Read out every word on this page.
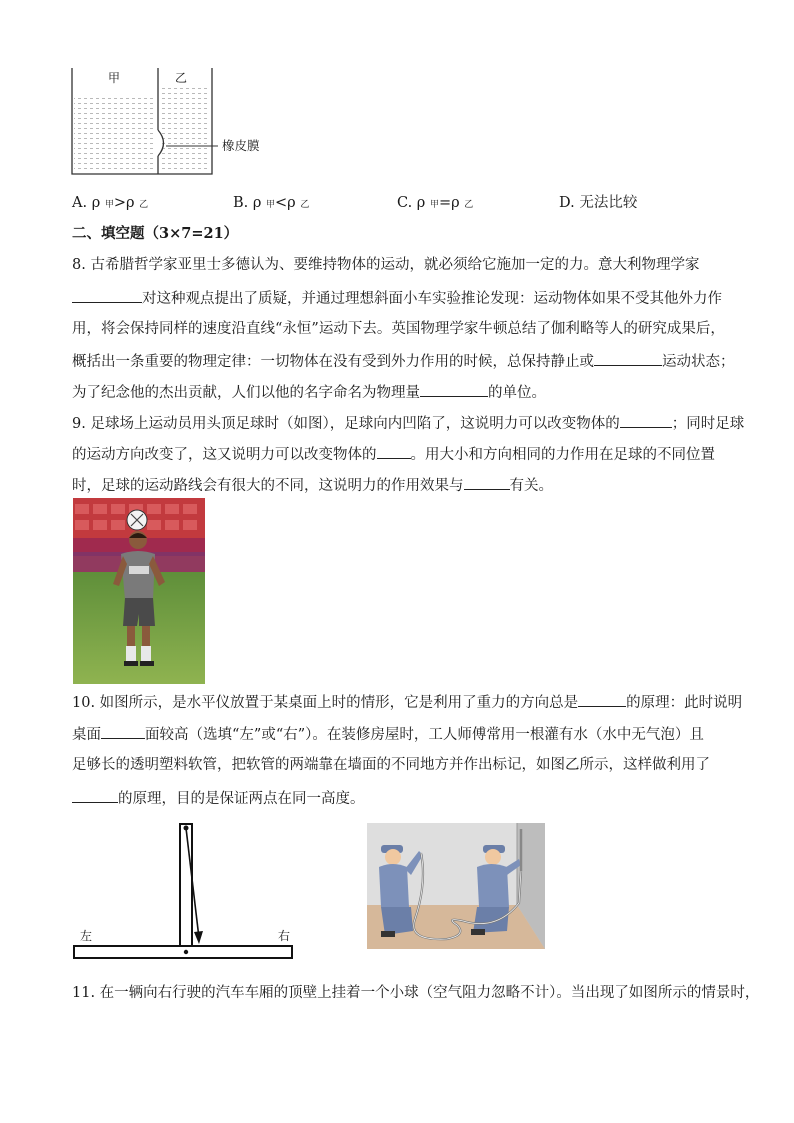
甲	乙
橡皮膜
A. ρ 甲>ρ 乙	B. ρ 甲<ρ 乙	C. ρ 甲=ρ 乙	D. 无法比较
二、填空题（3×7=21）
8. 古希腊哲学家亚里士多德认为、要维持物体的运动，就必须给它施加一定的力。意大利物理学家
对这种观点提出了质疑，并通过理想斜面小车实验推论发现：运动物体如果不受其他外力作
用，将会保持同样的速度沿直线“永恒”运动下去。英国物理学家牛顿总结了伽利略等人的研究成果后，
概括出一条重要的物理定律：一切物体在没有受到外力作用的时候，总保持静止或	运动状态；
为了纪念他的杰出贡献，人们以他的名字命名为物理量	的单位。
9. 足球场上运动员用头顶足球时（如图），足球向内凹陷了，这说明力可以改变物体的	；同时足球
的运动方向改变了，这又说明力可以改变物体的 。用大小和方向相同的力作用在足球的不同位置
时，足球的运动路线会有很大的不同，这说明力的作用效果与	有关。
10. 如图所示，是水平仪放置于某桌面上时的情形，它是利用了重力的方向总是	的原理：此时说明
桌面	面较高（选填“左”或“右”）。在装修房屋时，工人师傅常用一根灌有水（水中无气泡）且
足够长的透明塑料软管，把软管的两端靠在墙面的不同地方并作出标记，如图乙所示，这样做利用了
的原理，目的是保证两点在同一高度。
左	右
11. 在一辆向右行驶的汽车车厢的顶壁上挂着一个小球（空气阻力忽略不计）。当出现了如图所示的情景时，
